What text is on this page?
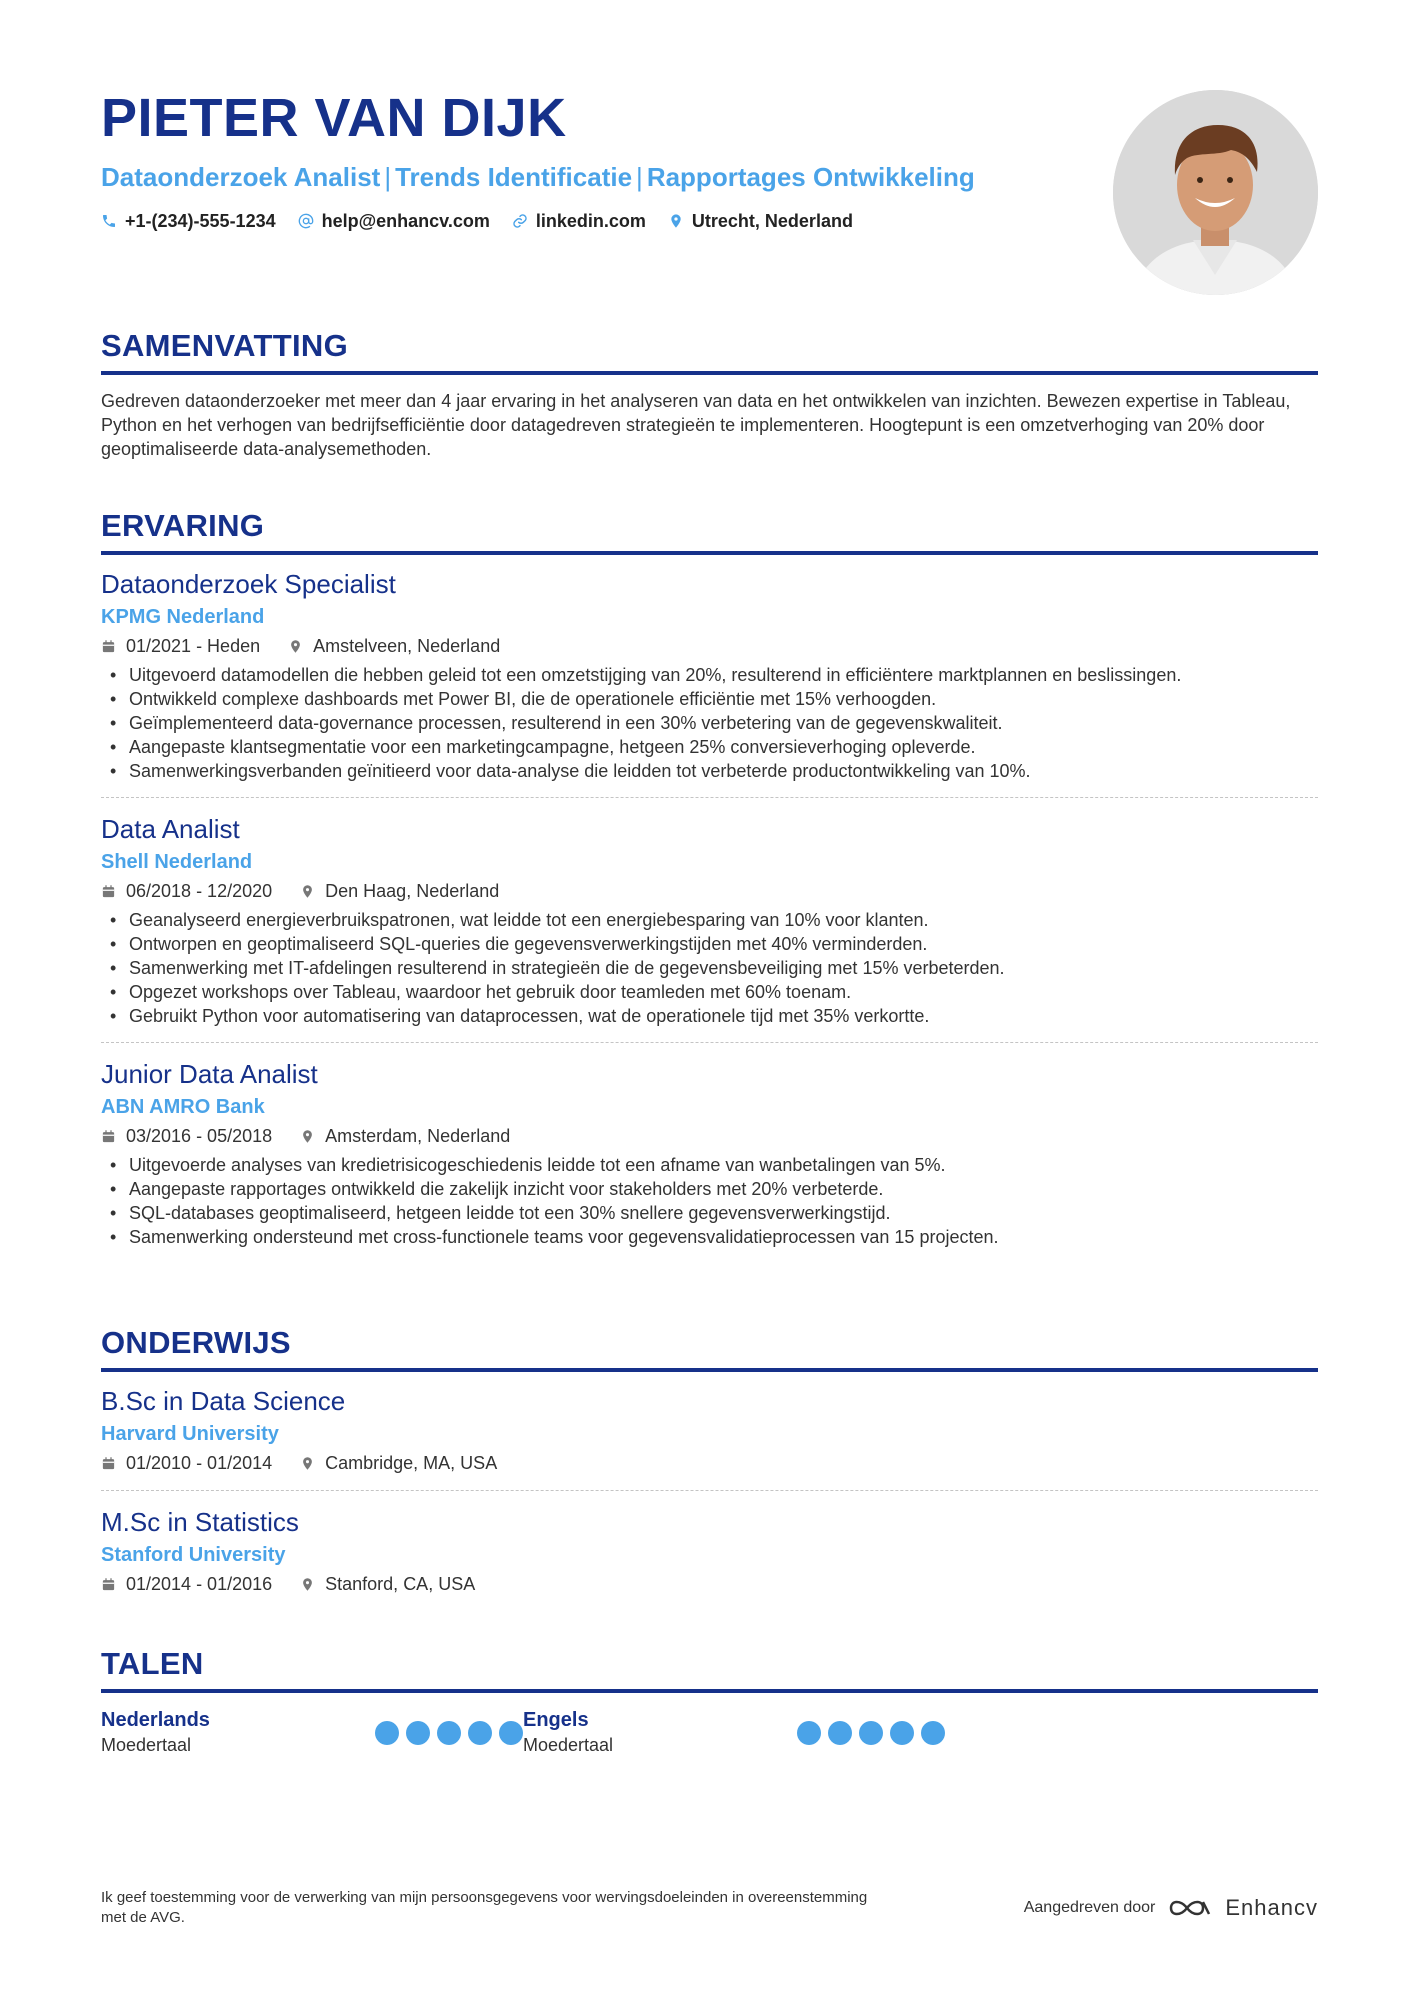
PIETER VAN DIJK
Dataonderzoek Analist | Trends Identificatie | Rapportages Ontwikkeling
+1-(234)-555-1234	help@enhancv.com	linkedin.com	Utrecht, Nederland
SAMENVATTING

Gedreven dataonderzoeker met meer dan 4 jaar ervaring in het analyseren van data en het ontwikkelen van inzichten. Bewezen expertise in Tableau, Python en het verhogen van bedrijfsefficiëntie door datagedreven strategieën te implementeren. Hoogtepunt is een omzetverhoging van 20% door geoptimaliseerde data-analysemethoden.

ERVARING
Dataonderzoek Specialist
KPMG Nederland
01/2021 - Heden	Amstelveen, Nederland
• Uitgevoerd datamodellen die hebben geleid tot een omzetstijging van 20%, resulterend in efficiëntere marktplannen en beslissingen.
• Ontwikkeld complexe dashboards met Power BI, die de operationele efficiëntie met 15% verhoogden.
• Geïmplementeerd data-governance processen, resulterend in een 30% verbetering van de gegevenskwaliteit.
• Aangepaste klantsegmentatie voor een marketingcampagne, hetgeen 25% conversieverhoging opleverde.
• Samenwerkingsverbanden geïnitieerd voor data-analyse die leidden tot verbeterde productontwikkeling van 10%.
Data Analist
Shell Nederland
06/2018 - 12/2020	Den Haag, Nederland
• Geanalyseerd energieverbruikspatronen, wat leidde tot een energiebesparing van 10% voor klanten.
• Ontworpen en geoptimaliseerd SQL-queries die gegevensverwerkingstijden met 40% verminderden.
• Samenwerking met IT-afdelingen resulterend in strategieën die de gegevensbeveiliging met 15% verbeterden.
• Opgezet workshops over Tableau, waardoor het gebruik door teamleden met 60% toenam.
• Gebruikt Python voor automatisering van dataprocessen, wat de operationele tijd met 35% verkortte.
Junior Data Analist
ABN AMRO Bank
03/2016 - 05/2018	Amsterdam, Nederland
• Uitgevoerde analyses van kredietrisicogeschiedenis leidde tot een afname van wanbetalingen van 5%.
• Aangepaste rapportages ontwikkeld die zakelijk inzicht voor stakeholders met 20% verbeterde.
• SQL-databases geoptimaliseerd, hetgeen leidde tot een 30% snellere gegevensverwerkingstijd.
• Samenwerking ondersteund met cross-functionele teams voor gegevensvalidatieprocessen van 15 projecten.
ONDERWIJS
B.Sc in Data Science
Harvard University
01/2010 - 01/2014	Cambridge, MA, USA
M.Sc in Statistics
Stanford University
01/2014 - 01/2016	Stanford, CA, USA
TALEN
Nederlands
Moedertaal
Engels
Moedertaal
Ik geef toestemming voor de verwerking van mijn persoonsgegevens voor wervingsdoeleinden in overeenstemming met de AVG.
Aangedreven door	Enhancv
